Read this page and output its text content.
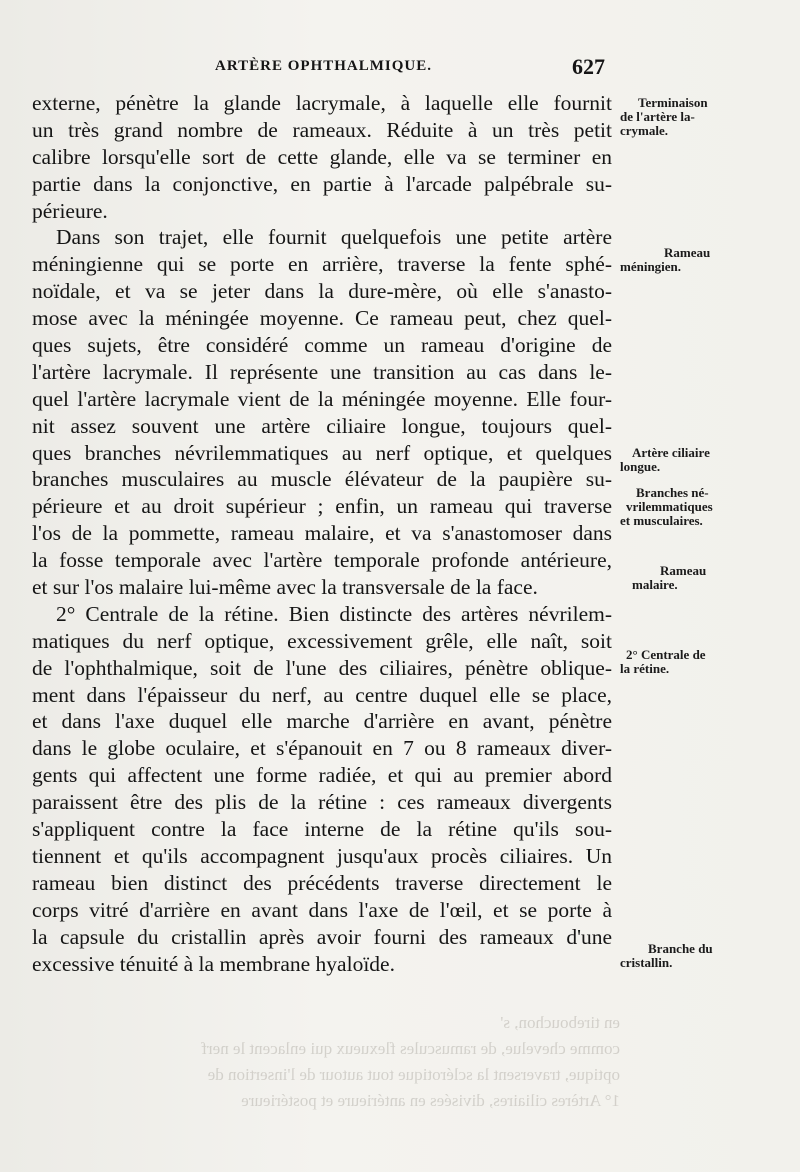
en tirebouchon, s'
comme chevelue, de ramuscules flexueux qui enlacent le nerf
optique, traversent la sclérotique tout autour de l'insertion de
1° Artères ciliaires, divisées en antérieure et postérieure
ARTÈRE OPHTHALMIQUE.	627
externe, pénètre la glande lacrymale, à laquelle elle fournit
un très grand nombre de rameaux. Réduite à un très petit
calibre lorsqu'elle sort de cette glande, elle va se terminer en
partie dans la conjonctive, en partie à l'arcade palpébrale su-
périeure.
Dans son trajet, elle fournit quelquefois une petite artère
méningienne qui se porte en arrière, traverse la fente sphé-
noïdale, et va se jeter dans la dure-mère, où elle s'anasto-
mose avec la méningée moyenne. Ce rameau peut, chez quel-
ques sujets, être considéré comme un rameau d'origine de
l'artère lacrymale. Il représente une transition au cas dans le-
quel l'artère lacrymale vient de la méningée moyenne. Elle four-
nit assez souvent une artère ciliaire longue, toujours quel-
ques branches névrilemmatiques au nerf optique, et quelques
branches musculaires au muscle élévateur de la paupière su-
périeure et au droit supérieur ; enfin, un rameau qui traverse
l'os de la pommette, rameau malaire, et va s'anastomoser dans
la fosse temporale avec l'artère temporale profonde antérieure,
et sur l'os malaire lui-même avec la transversale de la face.
2° Centrale de la rétine. Bien distincte des artères névrilem-
matiques du nerf optique, excessivement grêle, elle naît, soit
de l'ophthalmique, soit de l'une des ciliaires, pénètre oblique-
ment dans l'épaisseur du nerf, au centre duquel elle se place,
et dans l'axe duquel elle marche d'arrière en avant, pénètre
dans le globe oculaire, et s'épanouit en 7 ou 8 rameaux diver-
gents qui affectent une forme radiée, et qui au premier abord
paraissent être des plis de la rétine : ces rameaux divergents
s'appliquent contre la face interne de la rétine qu'ils sou-
tiennent et qu'ils accompagnent jusqu'aux procès ciliaires. Un
rameau bien distinct des précédents traverse directement le
corps vitré d'arrière en avant dans l'axe de l'œil, et se porte à
la capsule du cristallin après avoir fourni des rameaux d'une
excessive ténuité à la membrane hyaloïde.
Terminaison
de l'artère la-
crymale.
Rameau
méningien.
Artère ciliaire
longue.
Branches né-
vrilemmatiques
et musculaires.
Rameau
malaire.
2° Centrale de
la rétine.
Branche du
cristallin.
